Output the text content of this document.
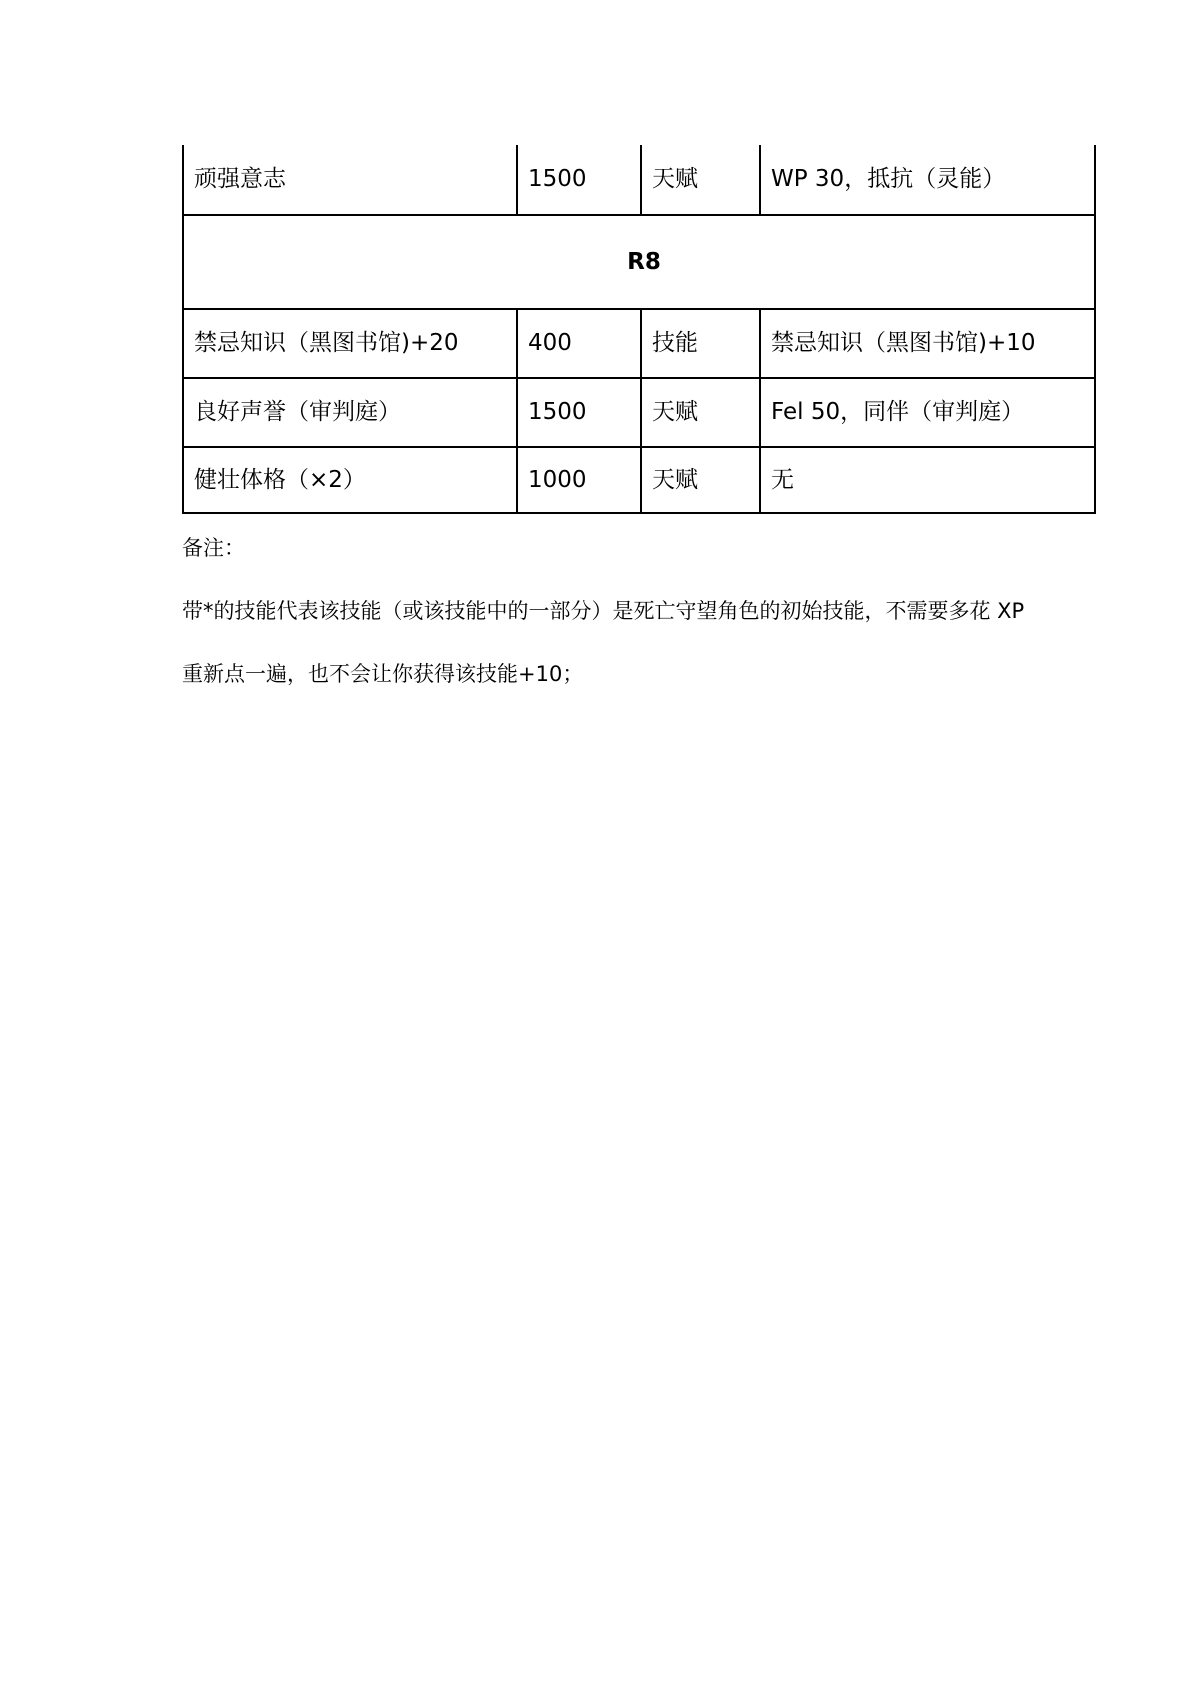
顽强意志	1500	天赋	WP 30，抵抗（灵能）
R8			
禁忌知识（黑图书馆)+20	400	技能	禁忌知识（黑图书馆)+10
良好声誉（审判庭）	1500	天赋	Fel 50，同伴（审判庭）
健壮体格（×2）	1000	天赋	无

备注：

带*的技能代表该技能（或该技能中的一部分）是死亡守望角色的初始技能，不需要多花 XP

重新点一遍，也不会让你获得该技能+10；
